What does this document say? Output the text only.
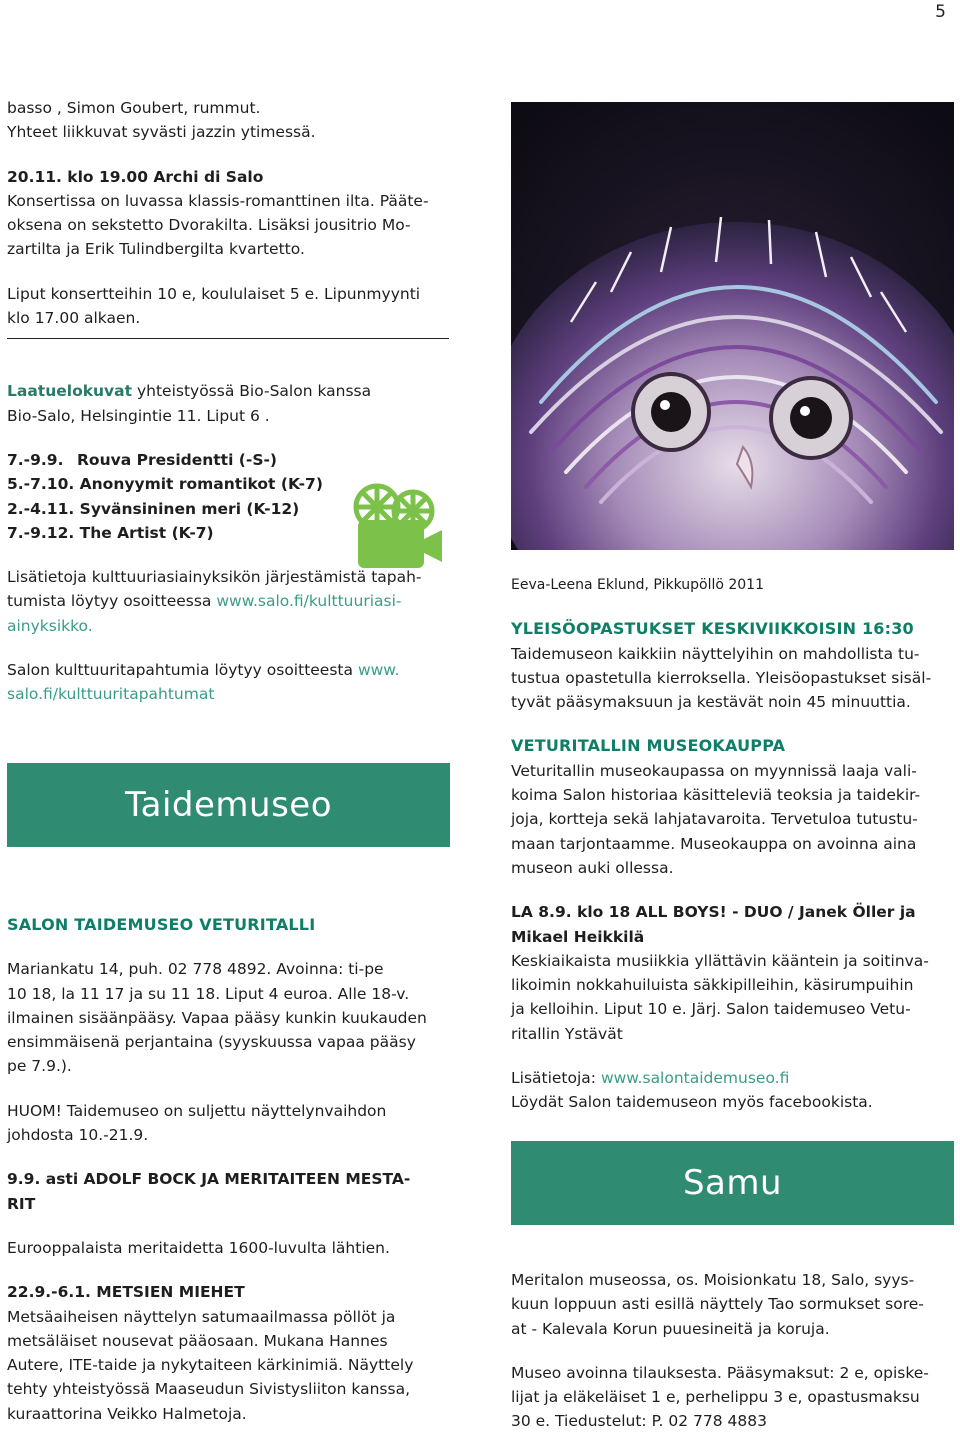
5

basso , Simon Goubert, rummut.

Yhteet liikkuvat syvästi jazzin ytimessä.

20.11. klo 19.00 Archi di Salo

Konsertissa on luvassa klassis-romanttinen ilta. Pääte-

oksena on sekstetto Dvorakilta. Lisäksi jousitrio Mo-

zartilta ja Erik Tulindbergilta kvartetto.

Liput konsertteihin 10 e, koululaiset 5 e. Lipunmyynti

klo 17.00 alkaen.

Laatuelokuvat yhteistyössä Bio-Salon kanssa

Bio-Salo, Helsingintie 11. Liput 6 .

7.-9.9. Rouva Presidentti (-S-)

5.-7.10. Anonyymit romantikot (K-7)

2.-4.11. Syvänsininen meri (K-12)

7.-9.12. The Artist (K-7)

Lisätietoja kulttuuriasiainyksikön järjestämistä tapah-

tumista löytyy osoitteessa www.salo.fi/kulttuuriasi-

ainyksikko.

Salon kulttuuritapahtumia löytyy osoitteesta www.

salo.fi/kulttuuritapahtumat

Taidemuseo

SALON TAIDEMUSEO VETURITALLI

Mariankatu 14, puh. 02 778 4892. Avoinna: ti-pe

10 18, la 11 17 ja su 11 18. Liput 4 euroa. Alle 18-v.

ilmainen sisäänpääsy. Vapaa pääsy kunkin kuukauden

ensimmäisenä perjantaina (syyskuussa vapaa pääsy

pe 7.9.).

HUOM! Taidemuseo on suljettu näyttelynvaihdon

johdosta 10.-21.9.

9.9. asti ADOLF BOCK JA MERITAITEEN MESTA-

RIT

Eurooppalaista meritaidetta 1600-luvulta lähtien.

22.9.-6.1. METSIEN MIEHET

Metsäaiheisen näyttelyn satumaailmassa pöllöt ja

metsäläiset nousevat pääosaan. Mukana Hannes

Autere, ITE-taide ja nykytaiteen kärkinimiä. Näyttely

tehty yhteistyössä Maaseudun Sivistysliiton kanssa,

kuraattorina Veikko Halmetoja.

Eeva-Leena Eklund, Pikkupöllö 2011

YLEISÖOPASTUKSET KESKIVIIKKOISIN 16:30

Taidemuseon kaikkiin näyttelyihin on mahdollista tu-

tustua opastetulla kierroksella. Yleisöopastukset sisäl-

tyvät pääsymaksuun ja kestävät noin 45 minuuttia.

VETURITALLIN MUSEOKAUPPA

Veturitallin museokaupassa on myynnissä laaja vali-

koima Salon historiaa käsitteleviä teoksia ja taidekir-

joja, kortteja sekä lahjatavaroita. Tervetuloa tutustu-

maan tarjontaamme. Museokauppa on avoinna aina

museon auki ollessa.

LA 8.9. klo 18 ALL BOYS! - DUO / Janek Öller ja

Mikael Heikkilä

Keskiaikaista musiikkia yllättävin kääntein ja soitinva-

likoimin nokkahuiluista säkkipilleihin, käsirumpuihin

ja kelloihin. Liput 10 e. Järj. Salon taidemuseo Vetu-

ritallin Ystävät

Lisätietoja: www.salontaidemuseo.fi

Löydät Salon taidemuseon myös facebookista.

Samu

Meritalon museossa, os. Moisionkatu 18, Salo, syys-

kuun loppuun asti esillä näyttely Tao sormukset sore-

at - Kalevala Korun puuesineitä ja koruja.

Museo avoinna tilauksesta. Pääsymaksut: 2 e, opiske-

lijat ja eläkeläiset 1 e, perhelippu 3 e, opastusmaksu

30 e. Tiedustelut: P. 02 778 4883
